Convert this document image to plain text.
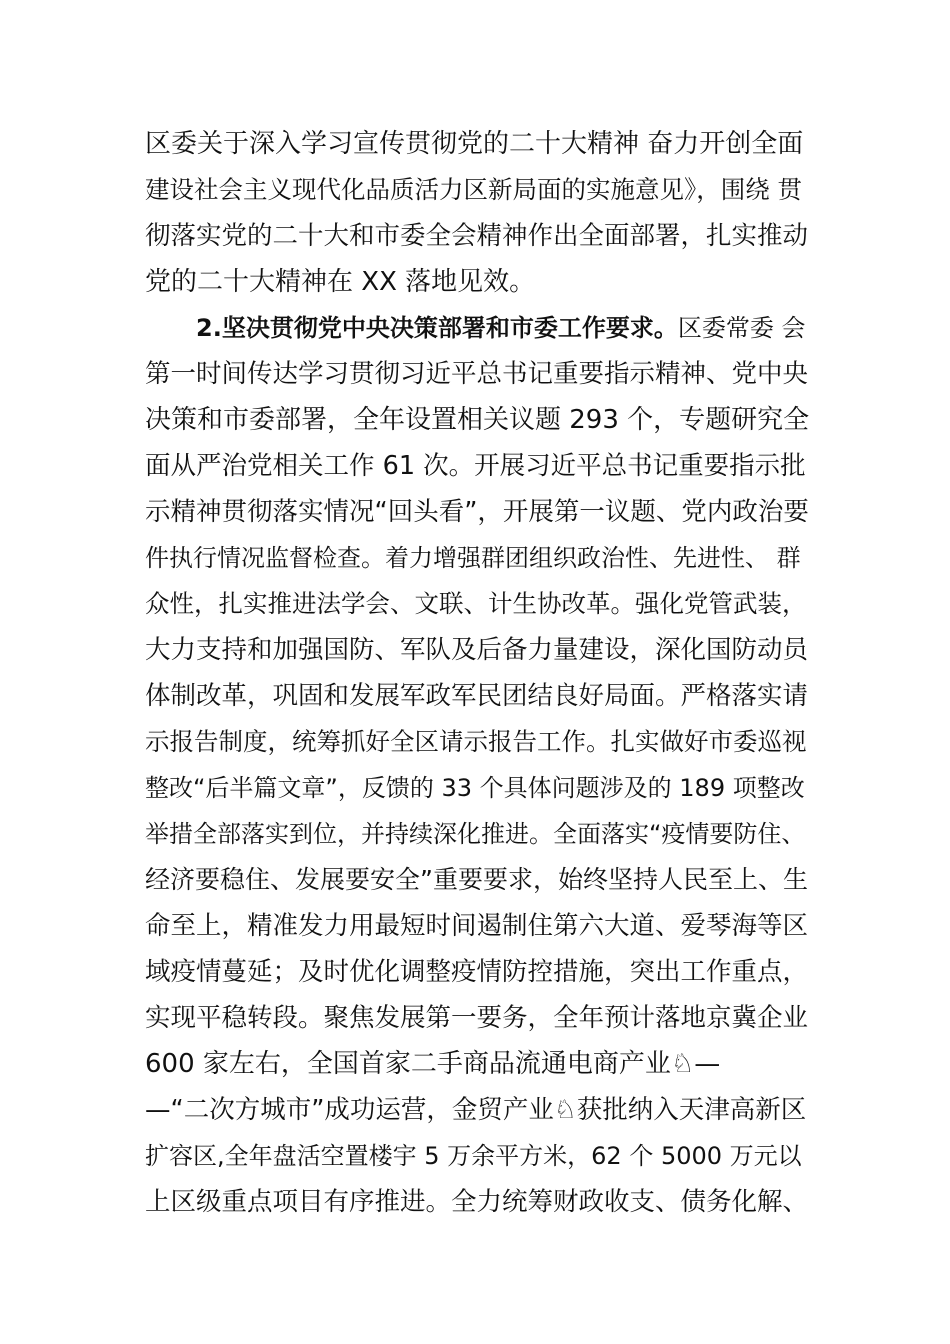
区委关于深入学习宣传贯彻党的二十大精神 奋力开创全面
建设社会主义现代化品质活力区新局面的实施意见》，围绕 贯
彻落实党的二十大和市委全会精神作出全面部署，扎实推动
党的二十大精神在 XX 落地见效。
2.坚决贯彻党中央决策部署和市委工作要求。区委常委 会
第一时间传达学习贯彻习近平总书记重要指示精神、党中央
决策和市委部署，全年设置相关议题 293 个，专题研究全
面从严治党相关工作 61 次。开展习近平总书记重要指示批
示精神贯彻落实情况“回头看”，开展第一议题、党内政治要
件执行情况监督检查。着力增强群团组织政治性、先进性、 群
众性，扎实推进法学会、文联、计生协改革。强化党管武装，
大力支持和加强国防、军队及后备力量建设，深化国防动员
体制改革，巩固和发展军政军民团结良好局面。严格落实请
示报告制度，统筹抓好全区请示报告工作。扎实做好市委巡视
整改“后半篇文章”，反馈的 33 个具体问题涉及的 189 项整改
举措全部落实到位，并持续深化推进。全面落实“疫情要防住、
经济要稳住、发展要安全”重要要求，始终坚持人民至上、生
命至上，精准发力用最短时间遏制住第六大道、爱琴海等区
域疫情蔓延；及时优化调整疫情防控措施，突出工作重点，
实现平稳转段。聚焦发展第一要务，全年预计落地京冀企业
600 家左右，全国首家二手商品流通电商产业♘—
—“二次方城市”成功运营，金贸产业♘获批纳入天津高新区
扩容区,全年盘活空置楼宇 5 万余平方米，62 个 5000 万元以
上区级重点项目有序推进。全力统筹财政收支、债务化解、
